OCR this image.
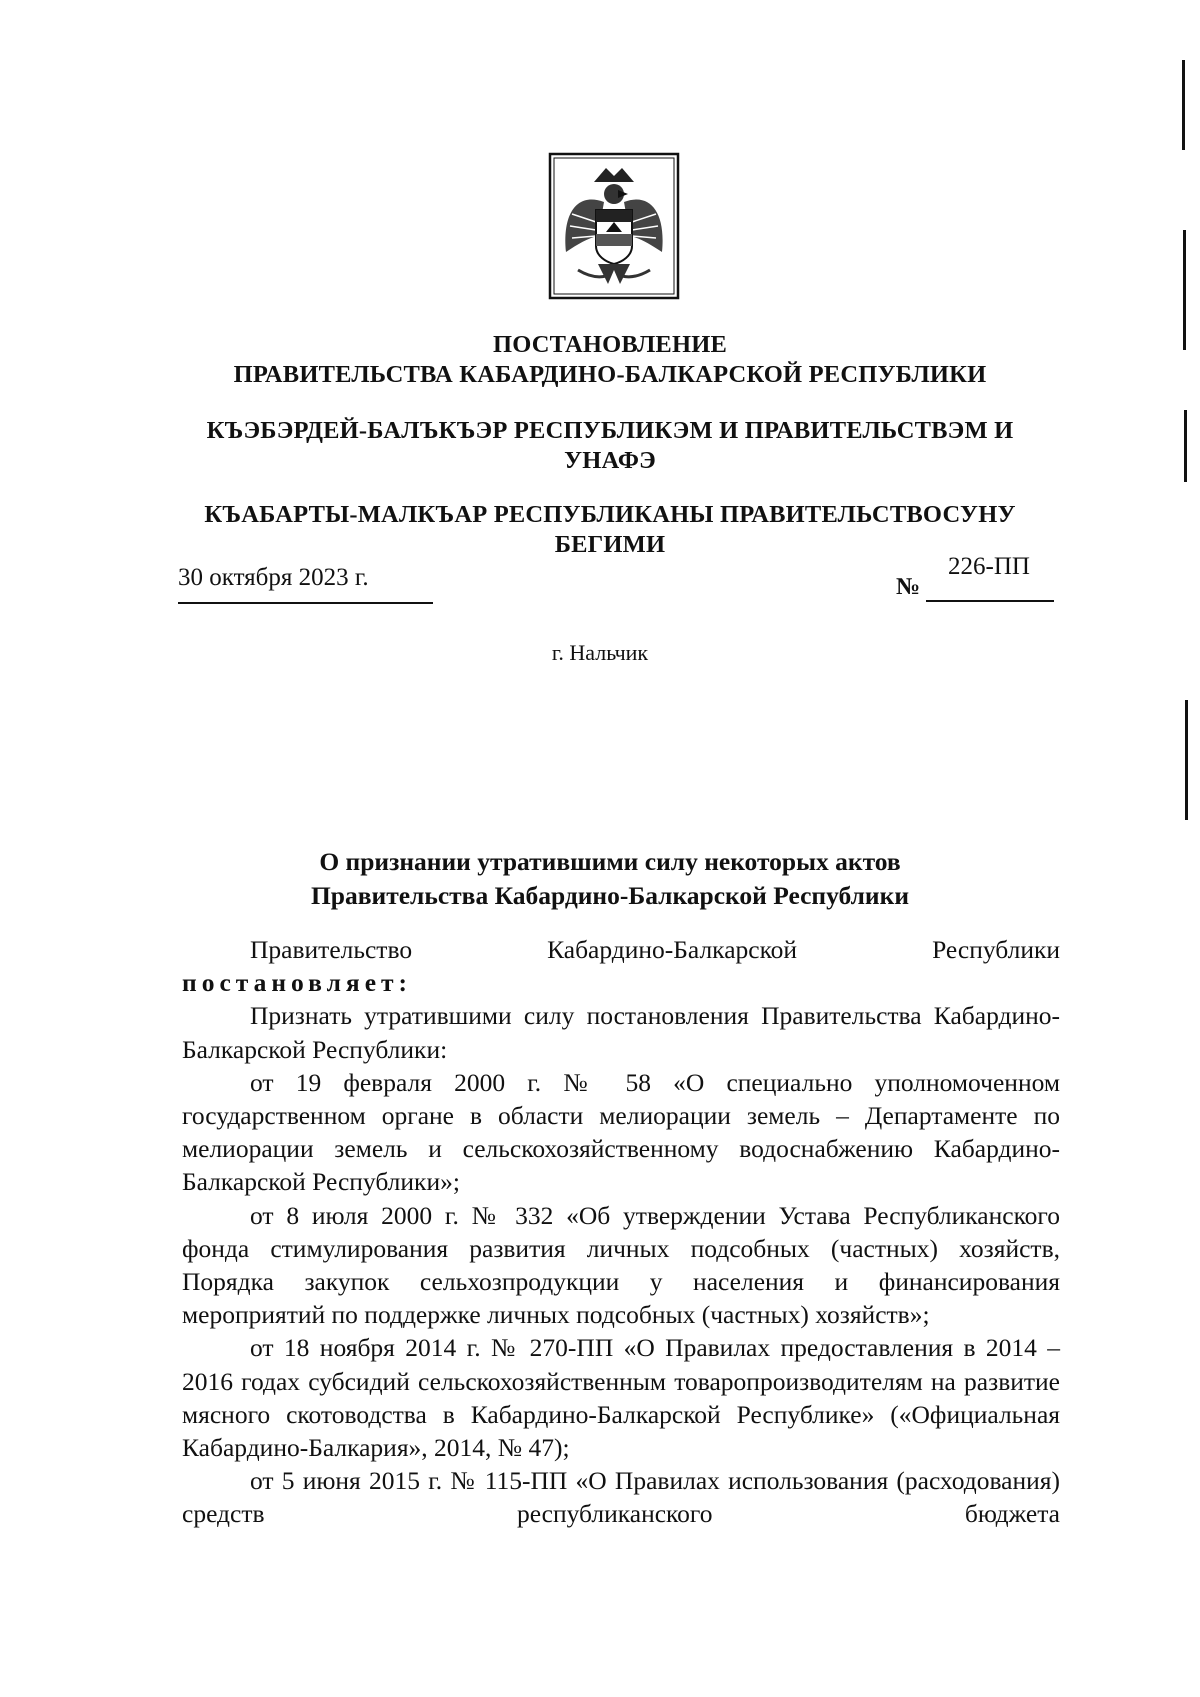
ПОСТАНОВЛЕНИЕ
ПРАВИТЕЛЬСТВА КАБАРДИНО-БАЛКАРСКОЙ РЕСПУБЛИКИ
КЪЭБЭРДЕЙ-БАЛЪКЪЭР РЕСПУБЛИКЭМ И ПРАВИТЕЛЬСТВЭМ И
УНАФЭ
КЪАБАРТЫ-МАЛКЪАР РЕСПУБЛИКАНЫ ПРАВИТЕЛЬСТВОСУНУ
БЕГИМИ
30 октября 2023 г.	№
226-ПП
г. Нальчик
О признании утратившими силу некоторых актов
Правительства Кабардино-Балкарской Республики

Правительство Кабардино-Балкарской Республики

постановляет:

Признать утратившими силу постановления Правительства Кабардино-Балкарской Республики:

от 19 февраля 2000 г. № 58 «О специально уполномоченном государственном органе в области мелиорации земель – Департаменте по мелиорации земель и сельскохозяйственному водоснабжению Кабардино-Балкарской Республики»;

от 8 июля 2000 г. № 332 «Об утверждении Устава Республиканского фонда стимулирования развития личных подсобных (частных) хозяйств, Порядка закупок сельхозпродукции у населения и финансирования мероприятий по поддержке личных подсобных (частных) хозяйств»;

от 18 ноября 2014 г. № 270-ПП «О Правилах предоставления в 2014 – 2016 годах субсидий сельскохозяйственным товаропроизводителям на развитие мясного скотоводства в Кабардино-Балкарской Республике» («Официальная Кабардино-Балкария», 2014, № 47);

от 5 июня 2015 г. № 115-ПП «О Правилах использования (расходования) средств республиканского бюджета
